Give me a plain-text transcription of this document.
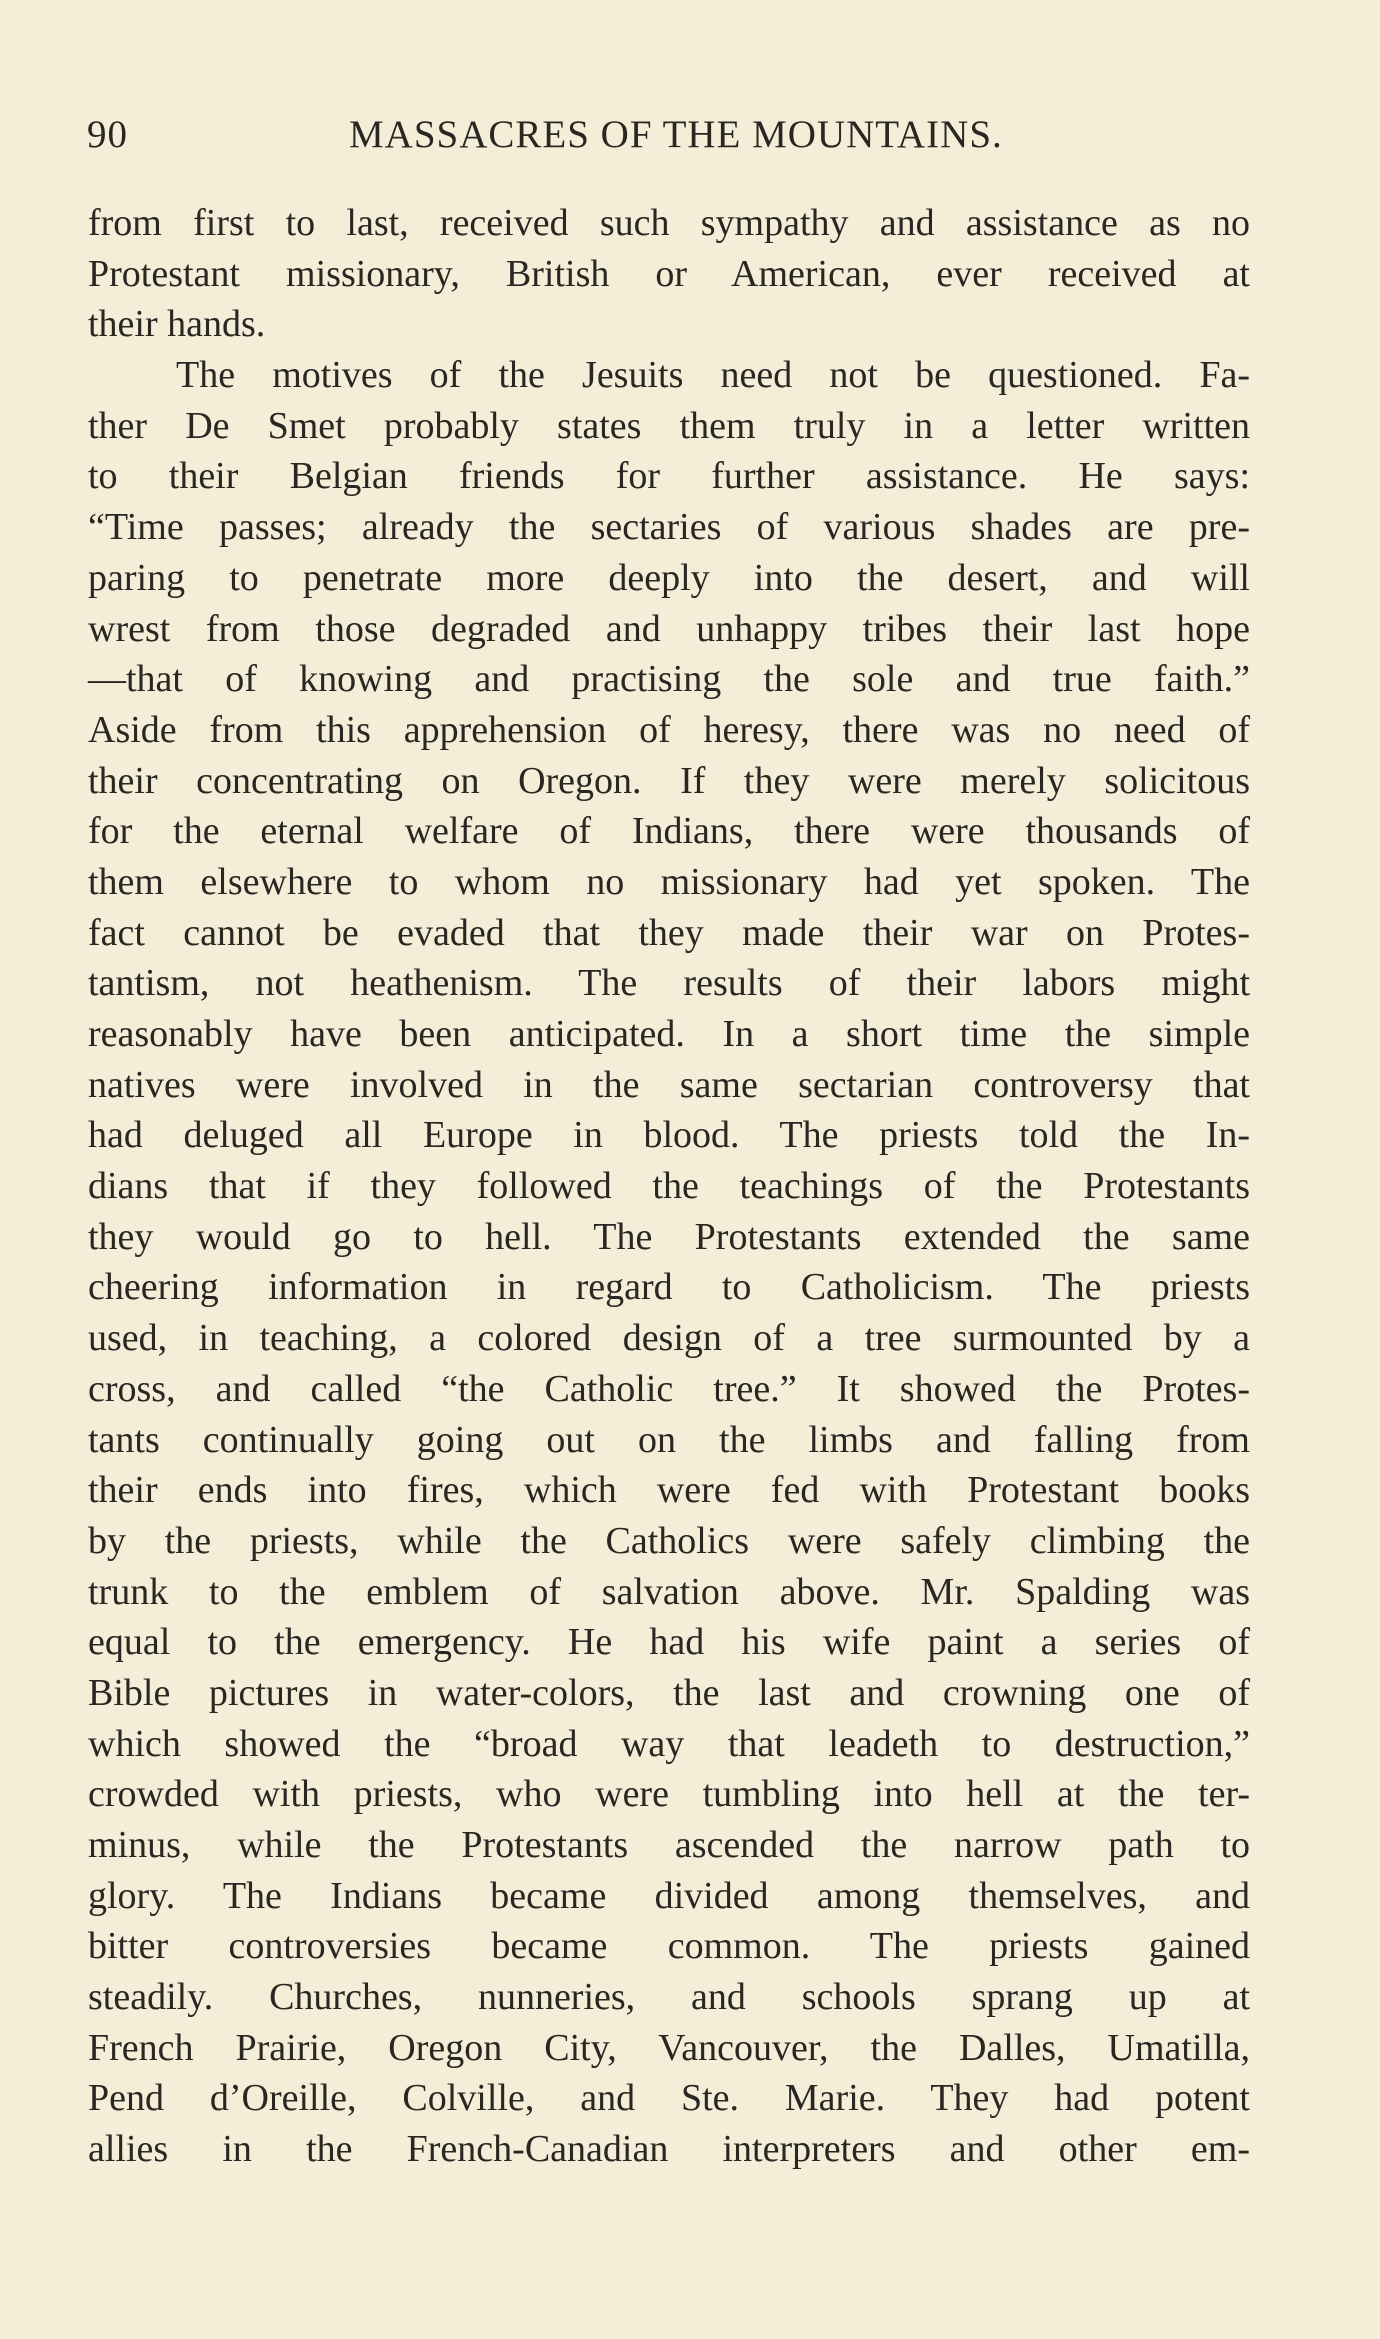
90	MASSACRES OF THE MOUNTAINS.
from first to last, received such sympathy and assistance as no
Protestant missionary, British or American, ever received at
their hands.
The motives of the Jesuits need not be questioned. Fa-
ther De Smet probably states them truly in a letter written
to their Belgian friends for further assistance. He says:
“Time passes; already the sectaries of various shades are pre-
paring to penetrate more deeply into the desert, and will
wrest from those degraded and unhappy tribes their last hope
—that of knowing and practising the sole and true faith.”
Aside from this apprehension of heresy, there was no need of
their concentrating on Oregon. If they were merely solicitous
for the eternal welfare of Indians, there were thousands of
them elsewhere to whom no missionary had yet spoken. The
fact cannot be evaded that they made their war on Protes-
tantism, not heathenism. The results of their labors might
reasonably have been anticipated. In a short time the simple
natives were involved in the same sectarian controversy that
had deluged all Europe in blood. The priests told the In-
dians that if they followed the teachings of the Protestants
they would go to hell. The Protestants extended the same
cheering information in regard to Catholicism. The priests
used, in teaching, a colored design of a tree surmounted by a
cross, and called “the Catholic tree.” It showed the Protes-
tants continually going out on the limbs and falling from
their ends into fires, which were fed with Protestant books
by the priests, while the Catholics were safely climbing the
trunk to the emblem of salvation above. Mr. Spalding was
equal to the emergency. He had his wife paint a series of
Bible pictures in water-colors, the last and crowning one of
which showed the “broad way that leadeth to destruction,”
crowded with priests, who were tumbling into hell at the ter-
minus, while the Protestants ascended the narrow path to
glory. The Indians became divided among themselves, and
bitter controversies became common. The priests gained
steadily. Churches, nunneries, and schools sprang up at
French Prairie, Oregon City, Vancouver, the Dalles, Umatilla,
Pend d’Oreille, Colville, and Ste. Marie. They had potent
allies in the French-Canadian interpreters and other em-
